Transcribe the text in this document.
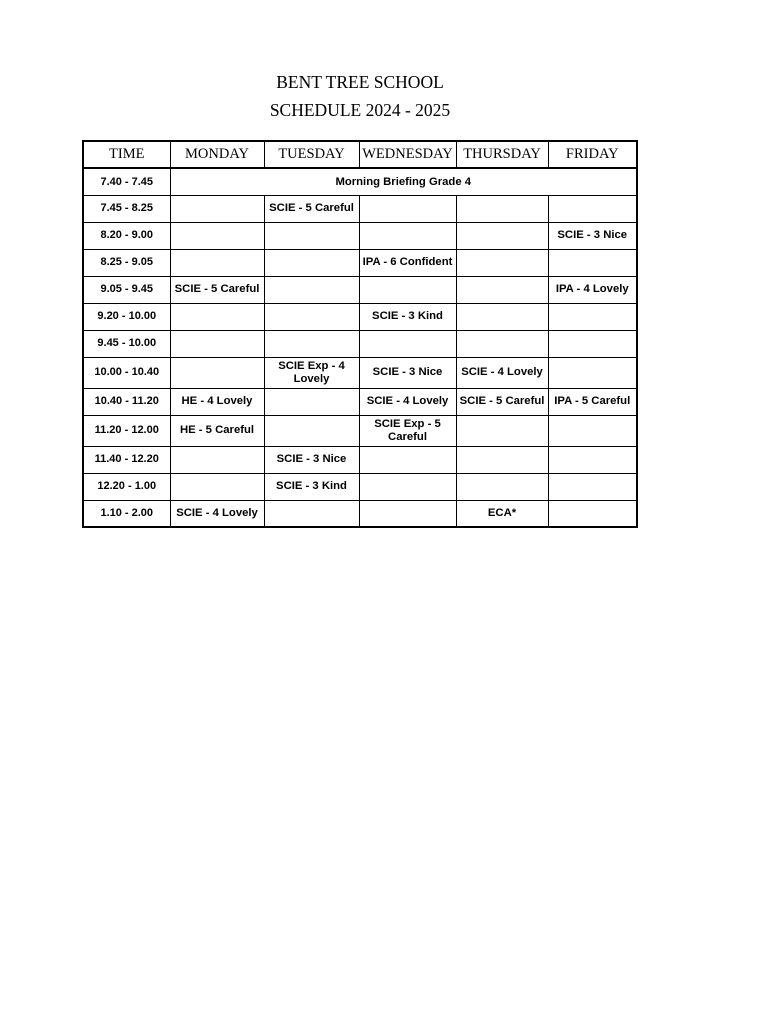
BENT TREE SCHOOL
SCHEDULE 2024 - 2025
TIME	MONDAY	TUESDAY	WEDNESDAY	THURSDAY	FRIDAY
7.40 - 7.45	Morning Briefing Grade 4				
7.45 - 8.25		SCIE - 5 Careful			
8.20 - 9.00					SCIE - 3 Nice
8.25 - 9.05			IPA - 6 Confident		
9.05 - 9.45	SCIE - 5 Careful				IPA - 4 Lovely
9.20 - 10.00			SCIE - 3 Kind		
9.45 - 10.00					
10.00 - 10.40		SCIE Exp - 4 Lovely	SCIE - 3 Nice	SCIE - 4 Lovely	
10.40 - 11.20	HE - 4 Lovely		SCIE - 4 Lovely	SCIE - 5 Careful	IPA - 5 Careful
11.20 - 12.00	HE - 5 Careful		SCIE Exp - 5 Careful		
11.40 - 12.20		SCIE - 3 Nice			
12.20 - 1.00		SCIE - 3 Kind			
1.10 - 2.00	SCIE - 4 Lovely			ECA*	
